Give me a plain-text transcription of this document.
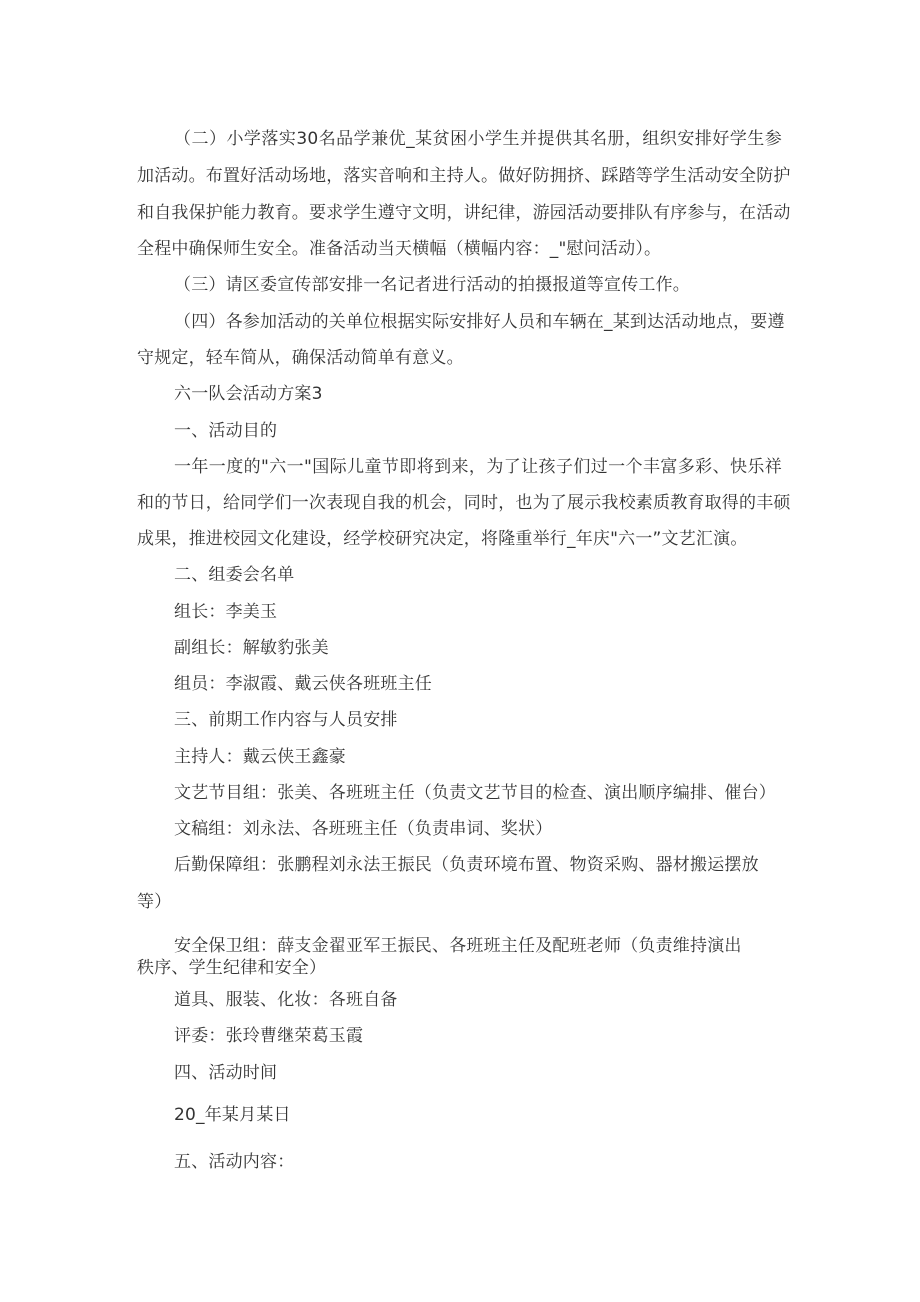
（二）小学落实30名品学兼优_某贫困小学生并提供其名册，组织安排好学生参
加活动。布置好活动场地，落实音响和主持人。做好防拥挤、踩踏等学生活动安全防护
和自我保护能力教育。要求学生遵守文明，讲纪律，游园活动要排队有序参与，在活动
全程中确保师生安全。准备活动当天横幅（横幅内容：_"慰问活动）。
（三）请区委宣传部安排一名记者进行活动的拍摄报道等宣传工作。
（四）各参加活动的关单位根据实际安排好人员和车辆在_某到达活动地点，要遵
守规定，轻车简从，确保活动简单有意义。
六一队会活动方案3
一、活动目的
一年一度的"六一"国际儿童节即将到来，为了让孩子们过一个丰富多彩、快乐祥
和的节日，给同学们一次表现自我的机会，同时，也为了展示我校素质教育取得的丰硕
成果，推进校园文化建设，经学校研究决定，将隆重举行_年庆"六一”文艺汇演。
二、组委会名单
组长：李美玉
副组长：解敏豹张美
组员：李淑霞、戴云侠各班班主任
三、前期工作内容与人员安排
主持人：戴云侠王鑫豪
文艺节目组：张美、各班班主任（负责文艺节目的检查、演出顺序编排、催台）
文稿组：刘永法、各班班主任（负责串词、奖状）
后勤保障组：张鹏程刘永法王振民（负责环境布置、物资采购、器材搬运摆放
等）
安全保卫组：薛支金翟亚军王振民、各班班主任及配班老师（负责维持演出
秩序、学生纪律和安全）
道具、服装、化妆：各班自备
评委：张玲曹继荣葛玉霞
四、活动时间
20_年某月某日
五、活动内容：
